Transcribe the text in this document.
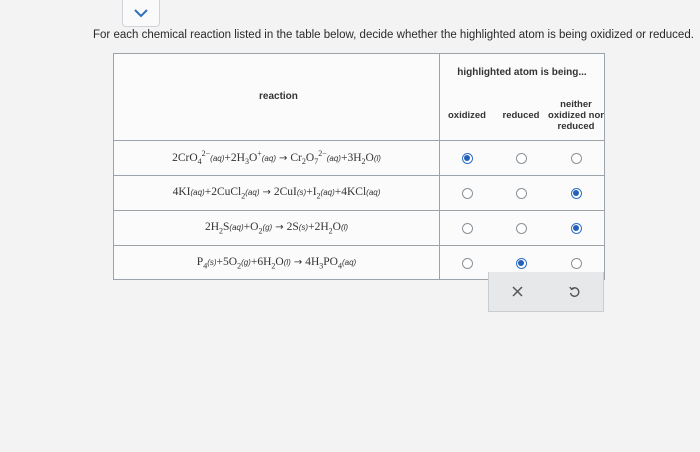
For each chemical reaction listed in the table below, decide whether the highlighted atom is being oxidized or reduced.
reaction
highlighted atom is being...
oxidized	reduced
neither oxidized nor reduced
$2CrO_4^{2-}(aq)+2H_3O^+(aq) \to Cr_2O_7^{2-}(aq)+3H_2O(l)$
4KI(aq)+2CuCl$_2$(aq) → $2CuI(s)+I_2(aq)+4KCl(aq)$
$2H_2S(aq)+O_2(g) \to 2S(s)+2H_2O(l)$
$P_4(s)+5O_2(g)+6H_2O(l) \to 4H_3PO_4(aq)$
